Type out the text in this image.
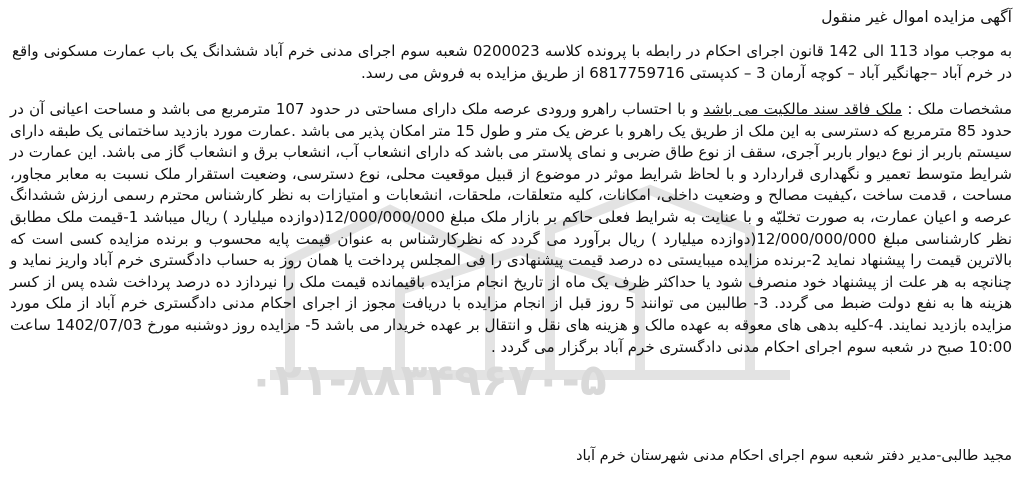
۰۲۱-۸۸۳۴۹۶۷۰-۵
آگهی مزایده اموال غیر منقول

به موجب مواد 113 الی 142 قانون اجرای احکام در رابطه با پرونده کلاسه 0200023 شعبه سوم اجرای مدنی خرم آباد ششدانگ یک باب عمارت مسکونی واقع در خرم آباد –جهانگیر آباد – کوچه آرمان 3 – کدپستی 6817759716 از طریق مزایده به فروش می رسد.

مشخصات ملک : ملک فاقد سند مالکیت می باشد و با احتساب راهرو ورودی عرصه ملک دارای مساحتی در حدود 107 مترمربع می باشد و مساحت اعیانی آن در حدود 85 مترمربع که دسترسی به این ملک از طریق یک راهرو با عرض یک متر و طول 15 متر امکان پذیر می باشد .عمارت مورد بازدید ساختمانی یک طبقه دارای سیستم باربر از نوع دیوار باربر آجری، سقف از نوع طاق ضربی و نمای پلاستر می باشد که دارای انشعاب آب، انشعاب برق و انشعاب گاز می باشد. این عمارت در شرایط متوسط تعمیر و نگهداری قراردارد و با لحاظ شرایط موثر در موضوع از قبیل موقعیت محلی، نوع دسترسی، وضعیت استقرار ملک نسبت به معابر مجاور، مساحت ، قدمت ساخت ،کیفیت مصالح و وضعیت داخلی، امکانات، کلیه متعلقات، ملحقات، انشعابات و امتیازات به نظر کارشناس محترم رسمی ارزش ششدانگ عرصه و اعیان عمارت، به صورت تخلیّه و با عنایت به شرایط فعلی حاکم بر بازار ملک مبلغ 12/000/000/000(دوازده میلیارد ) ریال میباشد 1-قیمت ملک مطابق نظر کارشناسی مبلغ 12/000/000/000(دوازده میلیارد ) ریال برآورد می گردد که نظرکارشناس به عنوان قیمت پایه محسوب و برنده مزایده کسی است که بالاترین قیمت را پیشنهاد نماید 2-برنده مزایده میبایستی ده درصد قیمت پیشنهادی را فی المجلس پرداخت یا همان روز به حساب دادگستری خرم آباد واریز نماید و چنانچه به هر علت از پیشنهاد خود منصرف شود یا حداکثر ظرف یک ماه از تاریخ انجام مزایده باقیمانده قیمت ملک را نیردازد ده درصد پرداخت شده پس از کسر هزینه ها به نفع دولت ضبط می گردد. 3- طالبین می توانند 5 روز قبل از انجام مزایده با دریافت مجوز از اجرای احکام مدنی دادگستری خرم آباد از ملک مورد مزایده بازدید نمایند. 4-کلیه بدهی های معوقه به عهده مالک و هزینه های نقل و انتقال بر عهده خریدار می باشد 5- مزایده روز دوشنبه مورخ 1402/07/03 ساعت 10:00 صبح در شعبه سوم اجرای احکام مدنی دادگستری خرم آباد برگزار می گردد .

مجید طالبی-مدیر دفتر شعبه سوم اجرای احکام مدنی شهرستان خرم آباد
